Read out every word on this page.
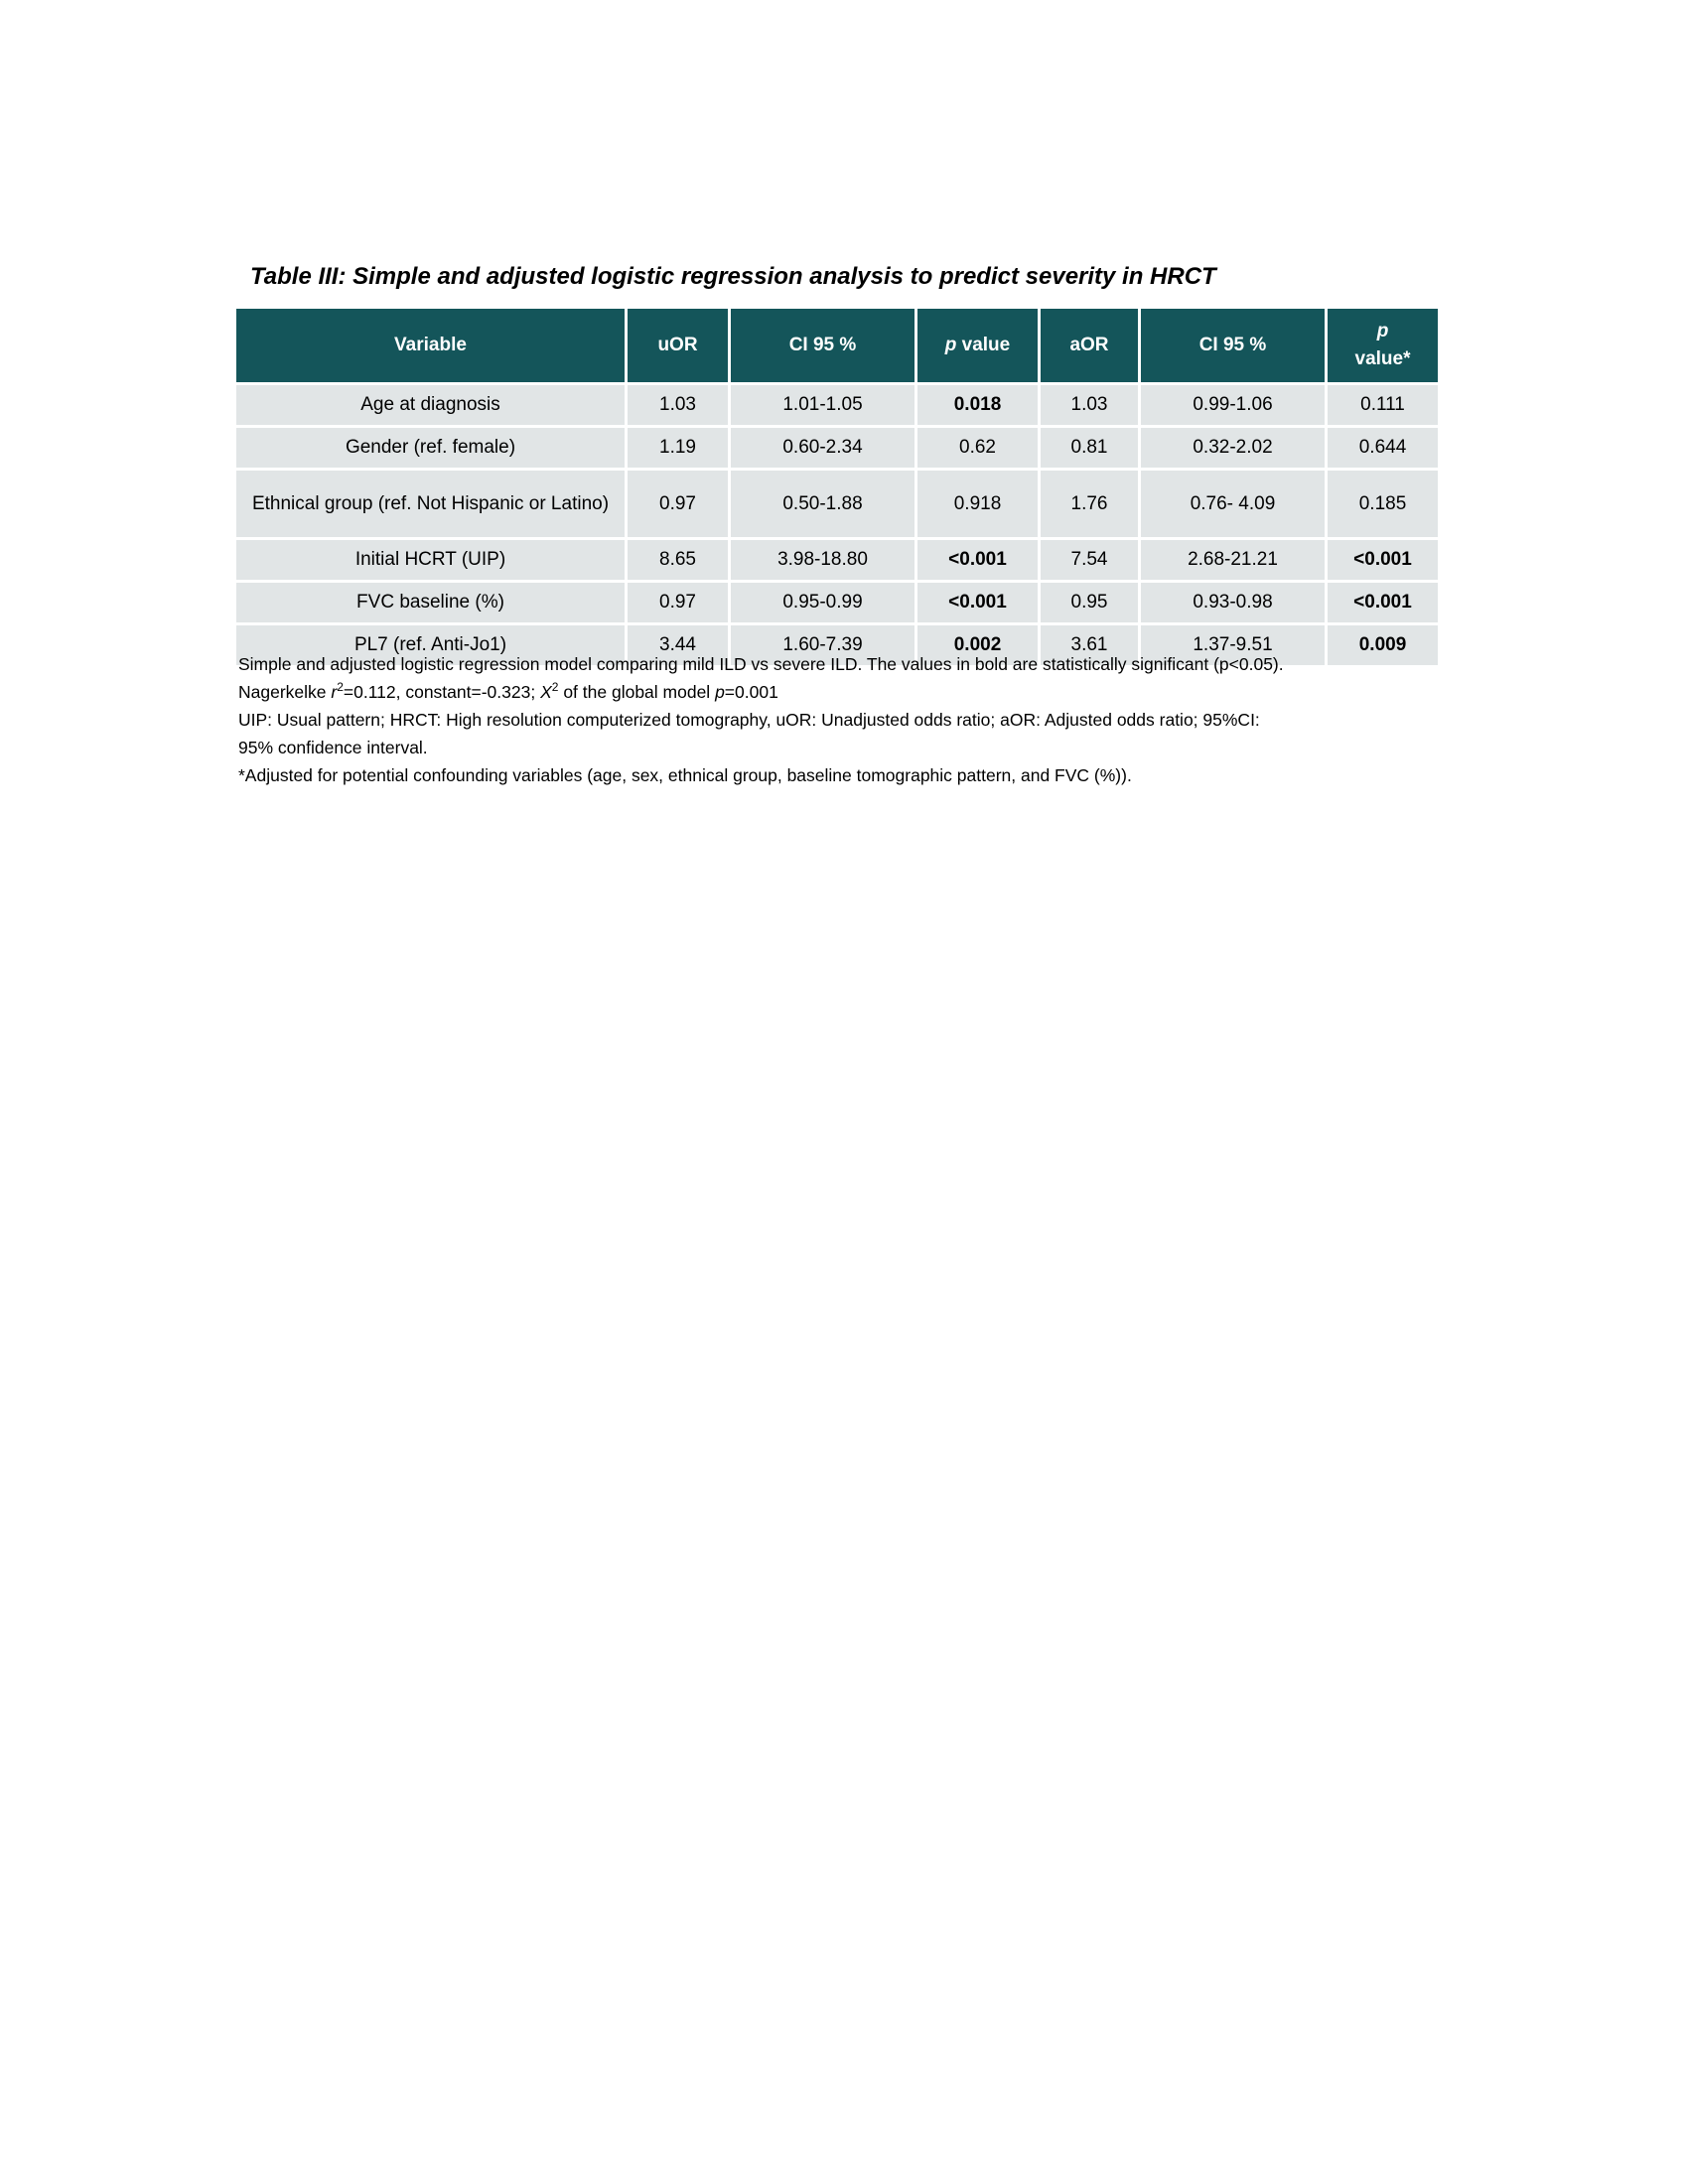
Table III: Simple and adjusted logistic regression analysis to predict severity in HRCT
Variable	uOR	CI 95 %	p value	aOR	CI 95 %	p
value*

Age at diagnosis	1.03	1.01-1.05	0.018	1.03	0.99-1.06	0.111
Gender (ref. female)	1.19	0.60-2.34	0.62	0.81	0.32-2.02	0.644
Ethnical group (ref. Not Hispanic or Latino)	0.97	0.50-1.88	0.918	1.76	0.76- 4.09	0.185
Initial HCRT (UIP)	8.65	3.98-18.80	<0.001	7.54	2.68-21.21	<0.001
FVC baseline (%)	0.97	0.95-0.99	<0.001	0.95	0.93-0.98	<0.001
PL7 (ref. Anti-Jo1)	3.44	1.60-7.39	0.002	3.61	1.37-9.51	0.009
Simple and adjusted logistic regression model comparing mild ILD vs severe ILD. The values in bold are statistically significant (p<0.05).
Nagerkelke $r^2=0.112$, constant=-0.323; $X^2$ of the global model p=0.001
UIP: Usual pattern; HRCT: High resolution computerized tomography, uOR: Unadjusted odds ratio; aOR: Adjusted odds ratio; 95%CI:
95% confidence interval.
*Adjusted for potential confounding variables (age, sex, ethnical group, baseline tomographic pattern, and FVC (%)).
